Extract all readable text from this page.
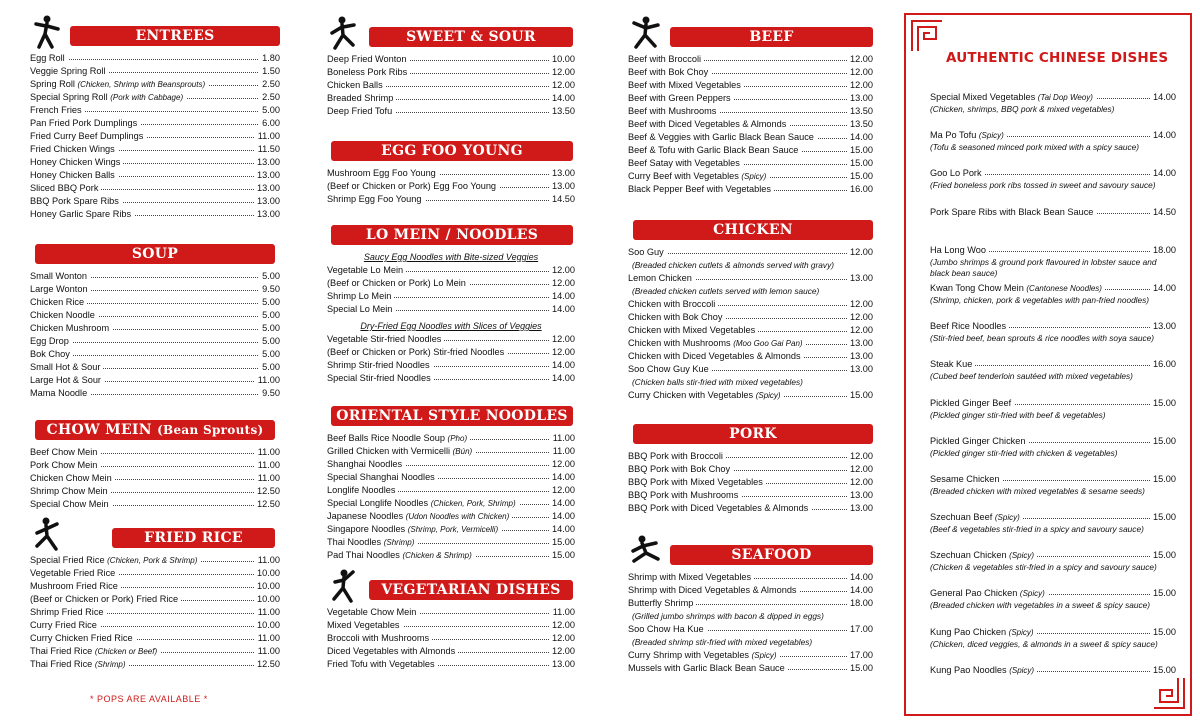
ENTREES
Egg Roll	1.80
Veggie Spring Roll	1.50
Spring Roll (Chicken, Shrimp with Beansprouts)	2.50
Special Spring Roll (Pork with Cabbage)	2.50
French Fries	5.00
Pan Fried Pork Dumplings	6.00
Fried Curry Beef Dumplings	11.00
Fried Chicken Wings	11.50
Honey Chicken Wings	13.00
Honey Chicken Balls	13.00
Sliced BBQ Pork	13.00
BBQ Pork Spare Ribs	13.00
Honey Garlic Spare Ribs	13.00
SOUP
Small Wonton	5.00
Large Wonton	9.50
Chicken Rice	5.00
Chicken Noodle	5.00
Chicken Mushroom	5.00
Egg Drop	5.00
Bok Choy	5.00
Small Hot & Sour	5.00
Large Hot & Sour	11.00
Mama Noodle	9.50
CHOW MEIN (Bean Sprouts)
Beef Chow Mein	11.00
Pork Chow Mein	11.00
Chicken Chow Mein	11.00
Shrimp Chow Mein	12.50
Special Chow Mein	12.50
FRIED RICE
Special Fried Rice (Chicken, Pork & Shrimp)	11.00
Vegetable Fried Rice	10.00
Mushroom Fried Rice	10.00
(Beef or Chicken or Pork) Fried Rice	10.00
Shrimp Fried Rice	11.00
Curry Fried Rice	10.00
Curry Chicken Fried Rice	11.00
Thai Fried Rice (Chicken or Beef)	11.00
Thai Fried Rice (Shrimp)	12.50
* POPS ARE AVAILABLE *
SWEET & SOUR
Deep Fried Wonton	10.00
Boneless Pork Ribs	12.00
Chicken Balls	12.00
Breaded Shrimp	14.00
Deep Fried Tofu	13.50
EGG FOO YOUNG
Mushroom Egg Foo Young	13.00
(Beef or Chicken or Pork) Egg Foo Young	13.00
Shrimp Egg Foo Young	14.50
LO MEIN / NOODLES
Saucy Egg Noodles with Bite-sized Veggies
Vegetable Lo Mein	12.00
(Beef or Chicken or Pork) Lo Mein	12.00
Shrimp Lo Mein	14.00
Special Lo Mein	14.00
Dry-Fried Egg Noodles with Slices of Veggies
Vegetable Stir-fried Noodles	12.00
(Beef or Chicken or Pork) Stir-fried Noodles	12.00
Shrimp Stir-fried Noodles	14.00
Special Stir-fried Noodles	14.00
ORIENTAL STYLE NOODLES
Beef Balls Rice Noodle Soup (Pho)	11.00
Grilled Chicken with Vermicelli (Bún)	11.00
Shanghai Noodles	12.00
Special Shanghai Noodles	14.00
Longlife Noodles	12.00
Special Longlife Noodles (Chicken, Pork, Shrimp)	14.00
Japanese Noodles (Udon Noodles with Chicken)	14.00
Singapore Noodles (Shrimp, Pork, Vermicelli)	14.00
Thai Noodles (Shrimp)	15.00
Pad Thai Noodles (Chicken & Shrimp)	15.00
VEGETARIAN DISHES
Vegetable Chow Mein	11.00
Mixed Vegetables	12.00
Broccoli with Mushrooms	12.00
Diced Vegetables with Almonds	12.00
Fried Tofu with Vegetables	13.00
BEEF
Beef with Broccoli	12.00
Beef with Bok Choy	12.00
Beef with Mixed Vegetables	12.00
Beef with Green Peppers	13.00
Beef with Mushrooms	13.50
Beef with Diced Vegetables & Almonds	13.50
Beef & Veggies with Garlic Black Bean Sauce	14.00
Beef & Tofu with Garlic Black Bean Sauce	15.00
Beef Satay with Vegetables	15.00
Curry Beef with Vegetables (Spicy)	15.00
Black Pepper Beef with Vegetables	16.00
CHICKEN
Soo Guy	12.00
(Breaded chicken cutlets & almonds served with gravy)
Lemon Chicken	13.00
(Breaded chicken cutlets served with lemon sauce)
Chicken with Broccoli	12.00
Chicken with Bok Choy	12.00
Chicken with Mixed Vegetables	12.00
Chicken with Mushrooms (Moo Goo Gai Pan)	13.00
Chicken with Diced Vegetables & Almonds	13.00
Soo Chow Guy Kue	13.00
(Chicken balls stir-fried with mixed vegetables)
Curry Chicken with Vegetables (Spicy)	15.00
PORK
BBQ Pork with Broccoli	12.00
BBQ Pork with Bok Choy	12.00
BBQ Pork with Mixed Vegetables	12.00
BBQ Pork with Mushrooms	13.00
BBQ Pork with Diced Vegetables & Almonds	13.00
SEAFOOD
Shrimp with Mixed Vegetables	14.00
Shrimp with Diced Vegetables & Almonds	14.00
Butterfly Shrimp	18.00
(Grilled jumbo shrimps with bacon & dipped in eggs)
Soo Chow Ha Kue	17.00
(Breaded shrimp stir-fried with mixed vegetables)
Curry Shrimp with Vegetables (Spicy)	17.00
Mussels with Garlic Black Bean Sauce	15.00
AUTHENTIC CHINESE DISHES
Special Mixed Vegetables (Tai Dop Weoy)	14.00
(Chicken, shrimps, BBQ pork & mixed vegetables)
Ma Po Tofu (Spicy)	14.00
(Tofu & seasoned minced pork mixed with a spicy sauce)
Goo Lo Pork	14.00
(Fried boneless pork ribs tossed in sweet and savoury sauce)
Pork Spare Ribs with Black Bean Sauce	14.50
Ha Long Woo	18.00
(Jumbo shrimps & ground pork flavoured in lobster sauce and black bean sauce)
Kwan Tong Chow Mein (Cantonese Noodles)	14.00
(Shrimp, chicken, pork & vegetables with pan-fried noodles)
Beef Rice Noodles	13.00
(Stir-fried beef, bean sprouts & rice noodles with soya sauce)
Steak Kue	16.00
(Cubed beef tenderloin sautéed with mixed vegetables)
Pickled Ginger Beef	15.00
(Pickled ginger stir-fried with beef & vegetables)
Pickled Ginger Chicken	15.00
(Pickled ginger stir-fried with chicken & vegetables)
Sesame Chicken	15.00
(Breaded chicken with mixed vegetables & sesame seeds)
Szechuan Beef (Spicy)	15.00
(Beef & vegetables stir-fried in a spicy and savoury sauce)
Szechuan Chicken (Spicy)	15.00
(Chicken & vegetables stir-fried in a spicy and savoury sauce)
General Pao Chicken (Spicy)	15.00
(Breaded chicken with vegetables in a sweet & spicy sauce)
Kung Pao Chicken (Spicy)	15.00
(Chicken, diced veggies, & almonds in a sweet & spicy sauce)
Kung Pao Noodles (Spicy)	15.00
